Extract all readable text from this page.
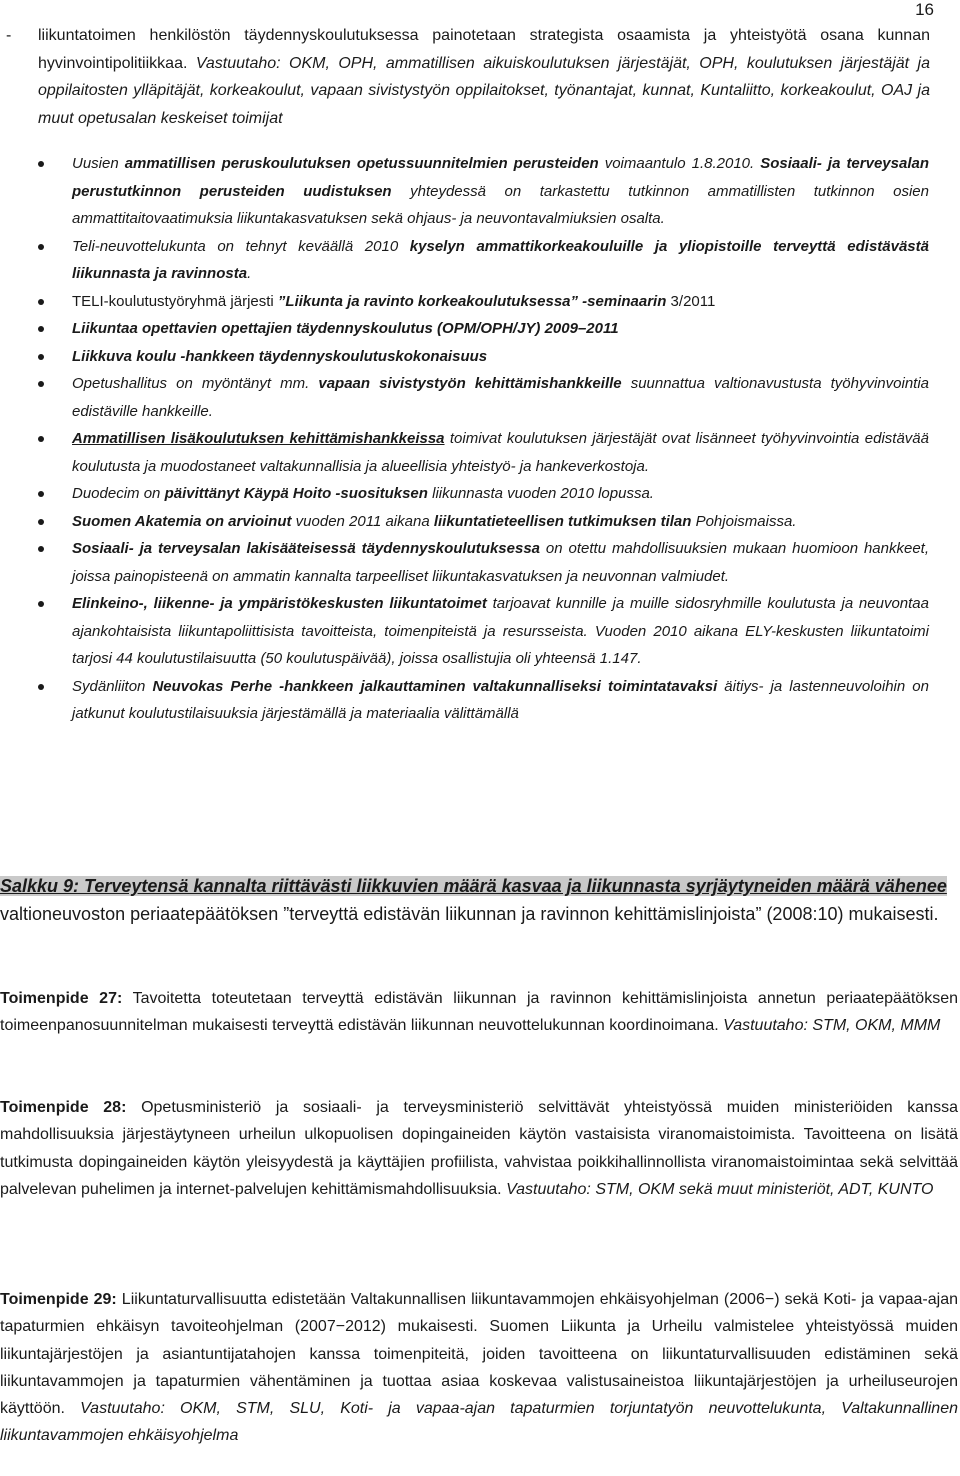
16
-	liikuntatoimen henkilöstön täydennyskoulutuksessa painotetaan strategista osaamista ja yhteistyötä osana kunnan hyvinvointipolitiikkaa. Vastuutaho: OKM, OPH, ammatillisen aikuiskoulutuksen järjestäjät, OPH, koulutuksen järjestäjät ja oppilaitosten ylläpitäjät, korkeakoulut, vapaan sivistystyön oppilaitokset, työnantajat, kunnat, Kuntaliitto, korkeakoulut, OAJ ja muut opetusalan keskeiset toimijat
Uusien ammatillisen peruskoulutuksen opetussuunnitelmien perusteiden voimaantulo 1.8.2010. Sosiaali- ja terveysalan perustutkinnon perusteiden uudistuksen yhteydessä on tarkastettu tutkinnon ammatillisten tutkinnon osien ammattitaitovaatimuksia liikuntakasvatuksen sekä ohjaus- ja neuvontavalmiuksien osalta.
Teli-neuvottelukunta on tehnyt keväällä 2010 kyselyn ammattikorkeakouluille ja yliopistoille terveyttä edistävästä liikunnasta ja ravinnosta.
TELI-koulutustyöryhmä järjesti ”Liikunta ja ravinto korkeakoulutuksessa” -seminaarin 3/2011
Liikuntaa opettavien opettajien täydennyskoulutus (OPM/OPH/JY) 2009–2011
Liikkuva koulu -hankkeen täydennyskoulutuskokonaisuus
Opetushallitus on myöntänyt mm. vapaan sivistystyön kehittämishankkeille suunnattua valtionavustusta työhyvinvointia edistäville hankkeille.
Ammatillisen lisäkoulutuksen kehittämishankkeissa toimivat koulutuksen järjestäjät ovat lisänneet työhyvinvointia edistävää koulutusta ja muodostaneet valtakunnallisia ja alueellisia yhteistyö- ja hankeverkostoja.
Duodecim on päivittänyt Käypä Hoito -suosituksen liikunnasta vuoden 2010 lopussa.
Suomen Akatemia on arvioinut vuoden 2011 aikana liikuntatieteellisen tutkimuksen tilan Pohjoismaissa.
Sosiaali- ja terveysalan lakisääteisessä täydennyskoulutuksessa on otettu mahdollisuuksien mukaan huomioon hankkeet, joissa painopisteenä on ammatin kannalta tarpeelliset liikuntakasvatuksen ja neuvonnan valmiudet.
Elinkeino-, liikenne- ja ympäristökeskusten liikuntatoimet tarjoavat kunnille ja muille sidosryhmille koulutusta ja neuvontaa ajankohtaisista liikuntapoliittisista tavoitteista, toimenpiteistä ja resursseista. Vuoden 2010 aikana ELY-keskusten liikuntatoimi tarjosi 44 koulutustilaisuutta (50 koulutuspäivää), joissa osallistujia oli yhteensä 1.147.
Sydänliiton Neuvokas Perhe -hankkeen jalkauttaminen valtakunnalliseksi toimintatavaksi äitiys- ja lastenneuvoloihin on jatkunut koulutustilaisuuksia järjestämällä ja materiaalia välittämällä
Salkku 9: Terveytensä kannalta riittävästi liikkuvien määrä kasvaa ja liikunnasta syrjäytyneiden määrä vähenee valtioneuvoston periaatepäätöksen ”terveyttä edistävän liikunnan ja ravinnon kehittämislinjoista” (2008:10) mukaisesti.
Toimenpide 27: Tavoitetta toteutetaan terveyttä edistävän liikunnan ja ravinnon kehittämislinjoista annetun periaatepäätöksen toimeenpanosuunnitelman mukaisesti terveyttä edistävän liikunnan neuvottelukunnan koordinoimana. Vastuutaho: STM, OKM, MMM
Toimenpide 28: Opetusministeriö ja sosiaali- ja terveysministeriö selvittävät yhteistyössä muiden ministeriöiden kanssa mahdollisuuksia järjestäytyneen urheilun ulkopuolisen dopingaineiden käytön vastaisista viranomaistoimista. Tavoitteena on lisätä tutkimusta dopingaineiden käytön yleisyydestä ja käyttäjien profiilista, vahvistaa poikkihallinnollista viranomaistoimintaa sekä selvittää palvelevan puhelimen ja internet-palvelujen kehittämismahdollisuuksia. Vastuutaho: STM, OKM sekä muut ministeriöt, ADT, KUNTO
Toimenpide 29: Liikuntaturvallisuutta edistetään Valtakunnallisen liikuntavammojen ehkäisyohjelman (2006−) sekä Koti- ja vapaa-ajan tapaturmien ehkäisyn tavoiteohjelman (2007−2012) mukaisesti. Suomen Liikunta ja Urheilu valmistelee yhteistyössä muiden liikuntajärjestöjen ja asiantuntijatahojen kanssa toimenpiteitä, joiden tavoitteena on liikuntaturvallisuuden edistäminen sekä liikuntavammojen ja tapaturmien vähentäminen ja tuottaa asiaa koskevaa valistusaineistoa liikuntajärjestöjen ja urheiluseurojen käyttöön. Vastuutaho: OKM, STM, SLU, Koti- ja vapaa-ajan tapaturmien torjuntatyön neuvottelukunta, Valtakunnallinen liikuntavammojen ehkäisyohjelma
